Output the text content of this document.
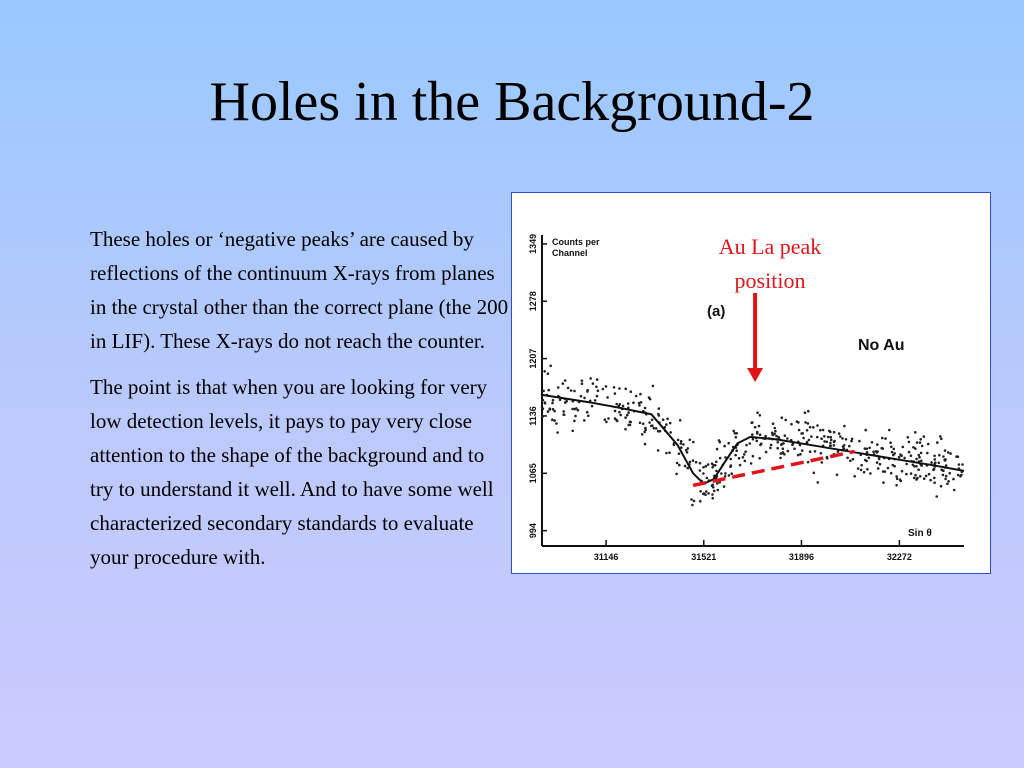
Holes in the Background-2

These holes or ‘negative peaks’ are caused by reflections of the continuum X-rays from planes in the crystal other than the correct plane (the 200 in LIF). These X-rays do not reach the counter.

The point is that when you are looking for very low detection levels, it pays to pay very close attention to the shape of the background and to try to understand it well. And to have some well characterized secondary standards to evaluate your procedure with.

994
1065
1136
1207
1278
1349
31146	31521	31896	32272
Counts per
Channel
(a)
No Au
Sin θ
Au La peak position
